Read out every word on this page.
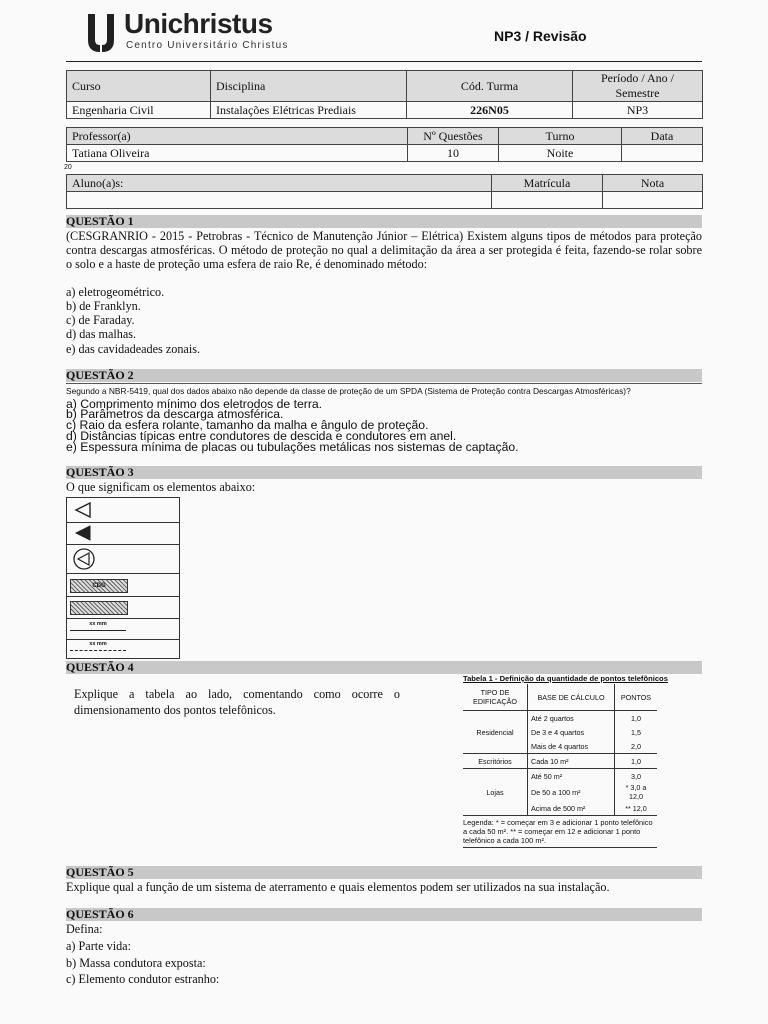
Unichristus
Centro Universitário Christus
NP3 / Revisão
Curso	Disciplina	Cód. Turma	Período / Ano / Semestre
Engenharia Civil	Instalações Elétricas Prediais	226N05	NP3
Professor(a)	Nº Questões	Turno	Data
Tatiana Oliveira	10	Noite	
20
Aluno(a)s:	Matrícula	Nota

QUESTÃO 1
(CESGRANRIO - 2015 - Petrobras - Técnico de Manutenção Júnior – Elétrica) Existem alguns tipos de métodos para proteção contra descargas atmosféricas. O método de proteção no qual a delimitação da área a ser protegida é feita, fazendo-se rolar sobre o solo e a haste de proteção uma esfera de raio Re, é denominado método:
a) eletrogeométrico.
b) de Franklyn.
c) de Faraday.
d) das malhas.
e) das cavidadeades zonais.
QUESTÃO 2
Segundo a NBR-5419, qual dos dados abaixo não depende da classe de proteção de um SPDA (Sistema de Proteção contra Descargas Atmosféricas)?
a) Comprimento mínimo dos eletrodos de terra.
b) Parâmetros da descarga atmosférica.
c) Raio da esfera rolante, tamanho da malha e ângulo de proteção.
d) Distâncias típicas entre condutores de descida e condutores em anel.
e) Espessura mínima de placas ou tubulações metálicas nos sistemas de captação.
QUESTÃO 3
O que significam os elementos abaixo:
CDG
xx mm
xx mm
QUESTÃO 4
Explique a tabela ao lado, comentando como ocorre o dimensionamento dos pontos telefônicos.
Tabela 1 - Definição da quantidade de pontos telefônicos
TIPO DE EDIFICAÇÃO	BASE DE CÁLCULO	PONTOS
Residencial	Até 2 quartos	1,0
	De 3 e 4 quartos	1,5
	Mais de 4 quartos	2,0
Escritórios	Cada 10 m²	1,0
Lojas	Até 50 m²	3,0
	De 50 a 100 m²	* 3,0 a 12,0
	Acima de 500 m²	** 12,0
Legenda: * = começar em 3 e adicionar 1 ponto telefônico a cada 50 m². ** = começar em 12 e adicionar 1 ponto telefônico a cada 100 m².
QUESTÃO 5
Explique qual a função de um sistema de aterramento e quais elementos podem ser utilizados na sua instalação.
QUESTÃO 6
Defina:
a) Parte vida:
b) Massa condutora exposta:
c) Elemento condutor estranho:
